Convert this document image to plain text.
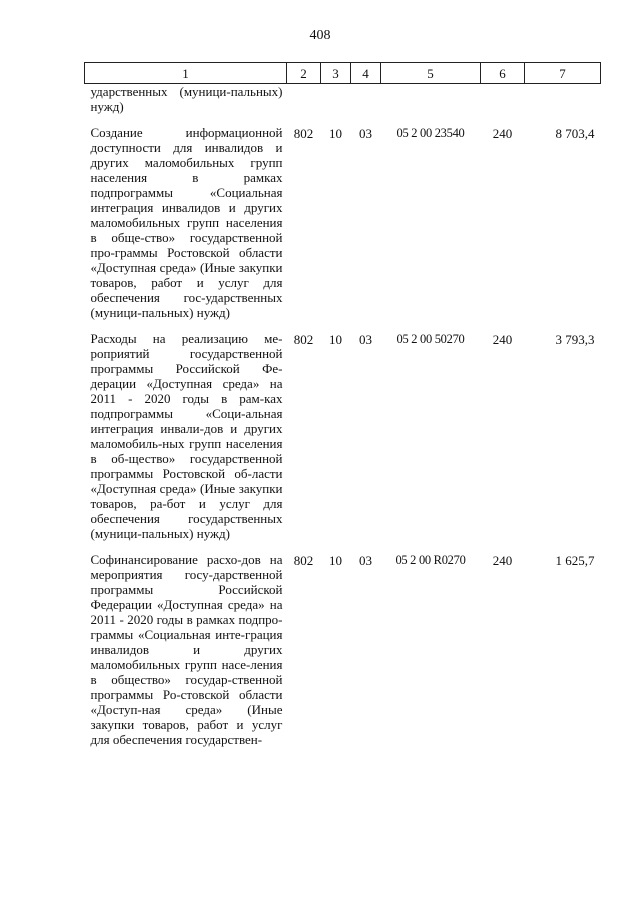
408
1	2	3	4	5	6	7
ударственных (муници-пальных) нужд)						
Создание информационной доступности для инвалидов и других маломобильных групп населения в рамках подпрограммы «Социальная интеграция инвалидов и других маломобильных групп населения в обще-ство» государственной про-граммы Ростовской области «Доступная среда» (Иные закупки товаров, работ и услуг для обеспечения гос-ударственных (муници-пальных) нужд)	802	10	03	05 2 00 23540	240	8 703,4
Расходы на реализацию ме-роприятий государственной программы Российской Фе-дерации «Доступная среда» на 2011 - 2020 годы в рам-ках подпрограммы «Соци-альная интеграция инвали-дов и других маломобиль-ных групп населения в об-щество» государственной программы Ростовской об-ласти «Доступная среда» (Иные закупки товаров, ра-бот и услуг для обеспечения государственных (муници-пальных) нужд)	802	10	03	05 2 00 50270	240	3 793,3
Софинансирование расхо-дов на мероприятия госу-дарственной программы Российской Федерации «Доступная среда» на 2011 - 2020 годы в рамках подпро-граммы «Социальная инте-грация инвалидов и других маломобильных групп насе-ления в общество» государ-ственной программы Ро-стовской области «Доступ-ная среда» (Иные закупки товаров, работ и услуг для обеспечения государствен-	802	10	03	05 2 00 R0270	240	1 625,7
